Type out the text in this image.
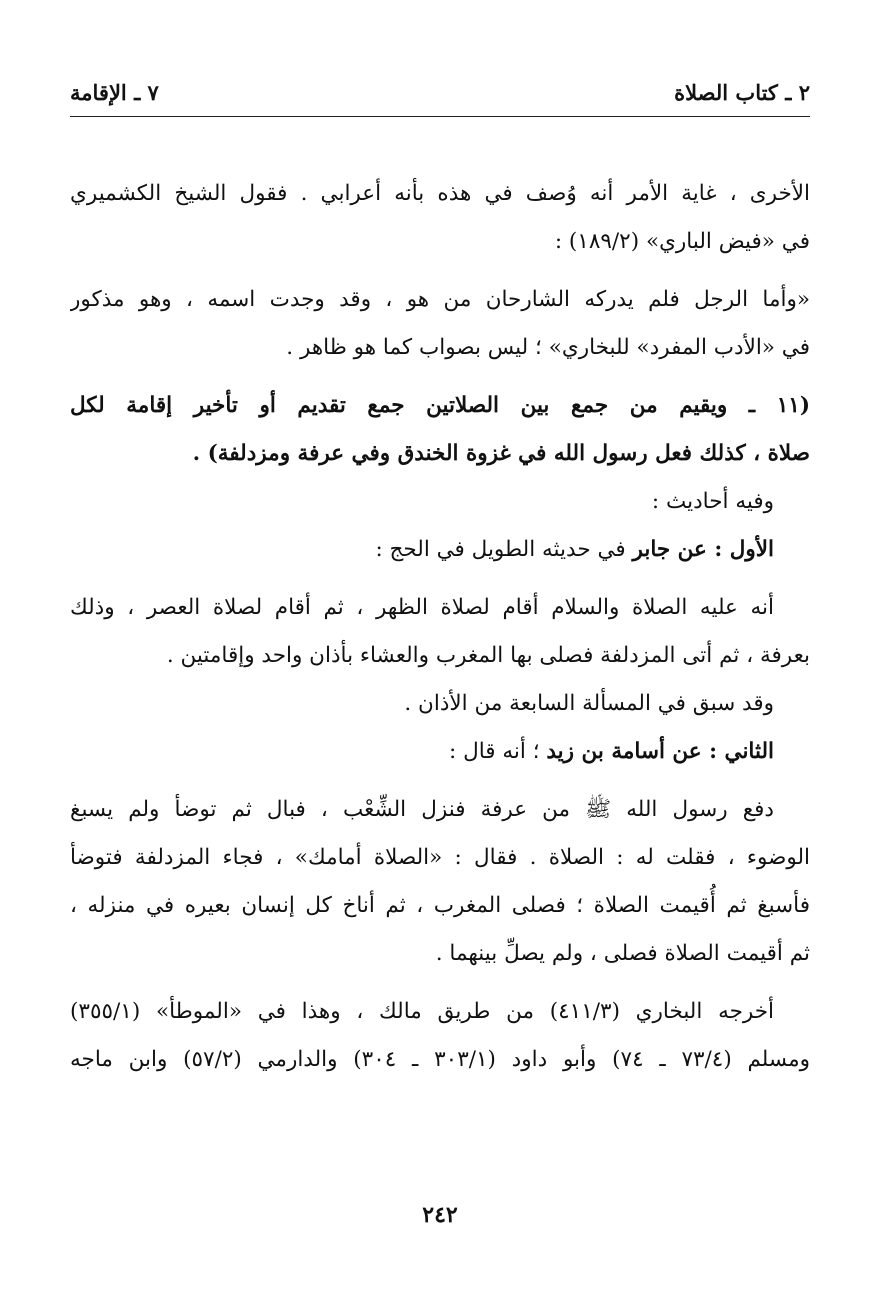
٢ ـ كتاب الصلاة
٧ ـ الإقامة
الأخرى ، غاية الأمر أنه وُصف في هذه بأنه أعرابي . فقول الشيخ الكشميري
في «فيض الباري» (١٨٩/٢) :
«وأما الرجل فلم يدركه الشارحان من هو ، وقد وجدت اسمه ، وهو مذكور
في «الأدب المفرد» للبخاري» ؛ ليس بصواب كما هو ظاهر .
(١١ ـ ويقيم من جمع بين الصلاتين جمع تقديم أو تأخير إقامة لكل
صلاة ، كذلك فعل رسول الله في غزوة الخندق وفي عرفة ومزدلفة) .
وفيه أحاديث :
الأول : عن جابر في حديثه الطويل في الحج :
أنه عليه الصلاة والسلام أقام لصلاة الظهر ، ثم أقام لصلاة العصر ، وذلك
بعرفة ، ثم أتى المزدلفة فصلى بها المغرب والعشاء بأذان واحد وإقامتين .
وقد سبق في المسألة السابعة من الأذان .
الثاني : عن أسامة بن زيد ؛ أنه قال :
دفع رسول الله ﷺ من عرفة فنزل الشِّعْب ، فبال ثم توضأ ولم يسبغ
الوضوء ، فقلت له : الصلاة . فقال : «الصلاة أمامك» ، فجاء المزدلفة فتوضأ
فأسبغ ثم أُقيمت الصلاة ؛ فصلى المغرب ، ثم أناخ كل إنسان بعيره في منزله ،
ثم أقيمت الصلاة فصلى ، ولم يصلِّ بينهما .
أخرجه البخاري (٤١١/٣) من طريق مالك ، وهذا في «الموطأ» (٣٥٥/١)
ومسلم (٧٣/٤ ـ ٧٤) وأبو داود (٣٠٣/١ ـ ٣٠٤) والدارمي (٥٧/٢) وابن ماجه
٢٤٢
